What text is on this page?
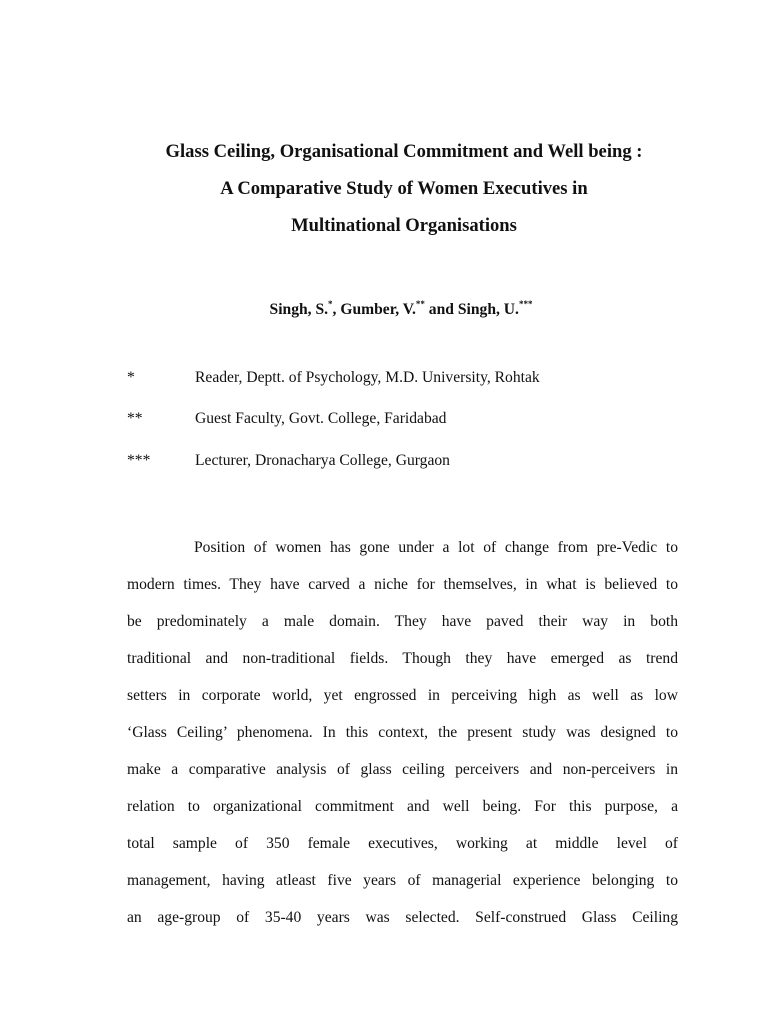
Glass Ceiling, Organisational Commitment and Well being :
A Comparative Study of Women Executives in
Multinational Organisations
Singh, S.*, Gumber, V.** and Singh, U.***
*	Reader, Deptt. of Psychology, M.D. University, Rohtak
**	Guest Faculty, Govt. College, Faridabad
***	Lecturer, Dronacharya College, Gurgaon
Position of women has gone under a lot of change from pre-Vedic to
modern times. They have carved a niche for themselves, in what is believed to
be predominately a male domain. They have paved their way in both
traditional and non-traditional fields. Though they have emerged as trend
setters in corporate world, yet engrossed in perceiving high as well as low
‘Glass Ceiling’ phenomena. In this context, the present study was designed to
make a comparative analysis of glass ceiling perceivers and non-perceivers in
relation to organizational commitment and well being. For this purpose, a
total sample of 350 female executives, working at middle level of
management, having atleast five years of managerial experience belonging to
an age-group of 35-40 years was selected. Self-construed Glass Ceiling
